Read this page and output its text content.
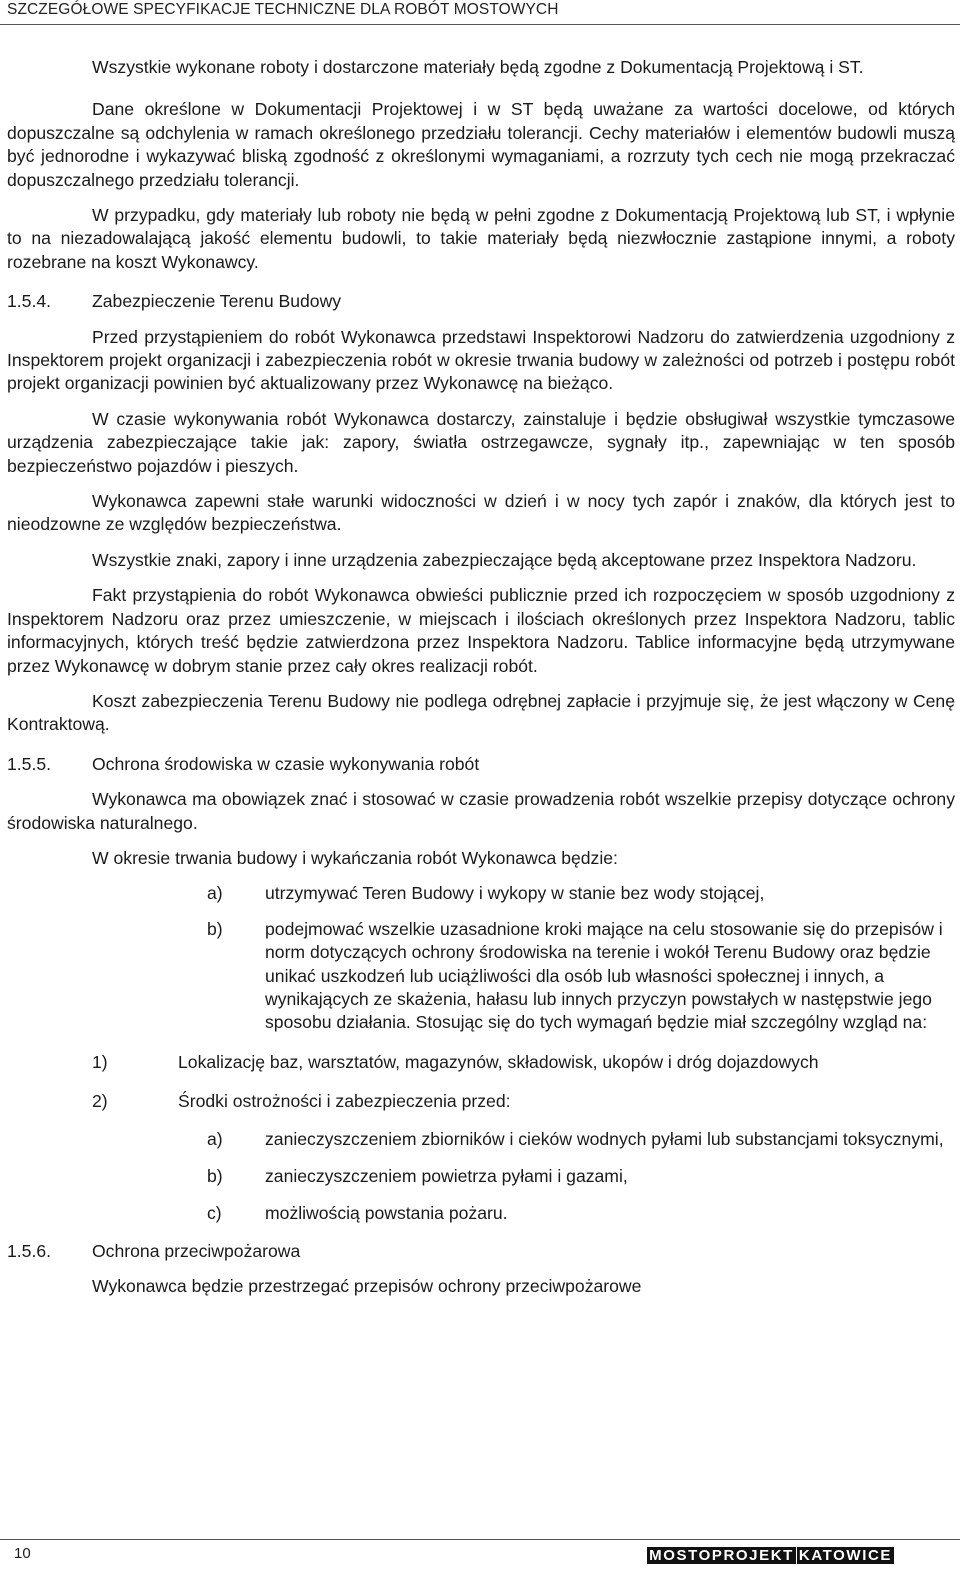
SZCZEGÓŁOWE SPECYFIKACJE TECHNICZNE DLA ROBÓT MOSTOWYCH

Wszystkie wykonane roboty i dostarczone materiały będą zgodne z Dokumentacją Projektową i ST.

Dane określone w Dokumentacji Projektowej i w ST będą uważane za wartości docelowe, od których dopuszczalne są odchylenia w ramach określonego przedziału tolerancji. Cechy materiałów i elementów budowli muszą być jednorodne i wykazywać bliską zgodność z określonymi wymaganiami, a rozrzuty tych cech nie mogą przekraczać dopuszczalnego przedziału tolerancji.

W przypadku, gdy materiały lub roboty nie będą w pełni zgodne z Dokumentacją Projektową lub ST, i wpłynie to na niezadowalającą jakość elementu budowli, to takie materiały będą niezwłocznie zastąpione innymi, a roboty rozebrane na koszt Wykonawcy.

1.5.4. Zabezpieczenie Terenu Budowy

Przed przystąpieniem do robót Wykonawca przedstawi Inspektorowi Nadzoru do zatwierdzenia uzgodniony z Inspektorem projekt organizacji i zabezpieczenia robót w okresie trwania budowy w zależności od potrzeb i postępu robót projekt organizacji powinien być aktualizowany przez Wykonawcę na bieżąco.

W czasie wykonywania robót Wykonawca dostarczy, zainstaluje i będzie obsługiwał wszystkie tymczasowe urządzenia zabezpieczające takie jak: zapory, światła ostrzegawcze, sygnały itp., zapewniając w ten sposób bezpieczeństwo pojazdów i pieszych.

Wykonawca zapewni stałe warunki widoczności w dzień i w nocy tych zapór i znaków, dla których jest to nieodzowne ze względów bezpieczeństwa.

Wszystkie znaki, zapory i inne urządzenia zabezpieczające będą akceptowane przez Inspektora Nadzoru.

Fakt przystąpienia do robót Wykonawca obwieści publicznie przed ich rozpoczęciem w sposób uzgodniony z Inspektorem Nadzoru oraz przez umieszczenie, w miejscach i ilościach określonych przez Inspektora Nadzoru, tablic informacyjnych, których treść będzie zatwierdzona przez Inspektora Nadzoru. Tablice informacyjne będą utrzymywane przez Wykonawcę w dobrym stanie przez cały okres realizacji robót.

Koszt zabezpieczenia Terenu Budowy nie podlega odrębnej zapłacie i przyjmuje się, że jest włączony w Cenę Kontraktową.

1.5.5. Ochrona środowiska w czasie wykonywania robót

Wykonawca ma obowiązek znać i stosować w czasie prowadzenia robót wszelkie przepisy dotyczące ochrony środowiska naturalnego.

W okresie trwania budowy i wykańczania robót Wykonawca będzie:

a) utrzymywać Teren Budowy i wykopy w stanie bez wody stojącej,
b) podejmować wszelkie uzasadnione kroki mające na celu stosowanie się do przepisów i norm dotyczących ochrony środowiska na terenie i wokół Terenu Budowy oraz będzie unikać uszkodzeń lub uciążliwości dla osób lub własności społecznej i innych, a wynikających ze skażenia, hałasu lub innych przyczyn powstałych w następstwie jego sposobu działania. Stosując się do tych wymagań będzie miał szczególny wzgląd na:
1)	Lokalizację baz, warsztatów, magazynów, składowisk, ukopów i dróg dojazdowych
2)	Środki ostrożności i zabezpieczenia przed:
a) zanieczyszczeniem zbiorników i cieków wodnych pyłami lub substancjami toksycznymi,
b) zanieczyszczeniem powietrza pyłami i gazami,
c) możliwością powstania pożaru.
1.5.6. Ochrona przeciwpożarowa

Wykonawca będzie przestrzegać przepisów ochrony przeciwpożarowe

10	MOSTOPROJEKT KATOWICE
